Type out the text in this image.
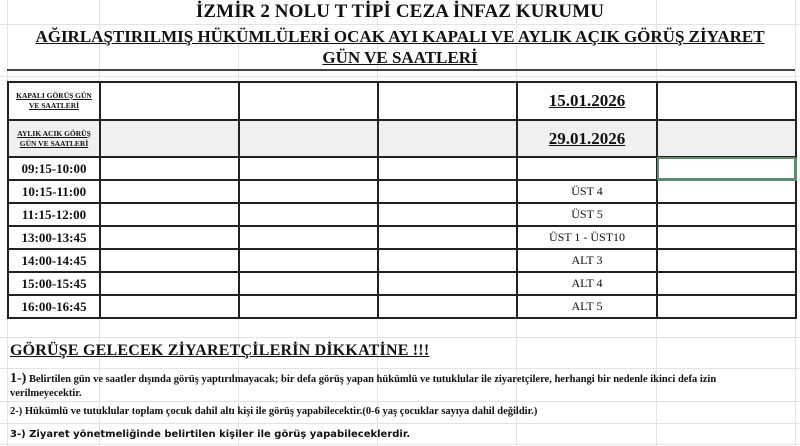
İZMİR 2 NOLU T TİPİ CEZA İNFAZ KURUMU
AĞIRLAŞTIRILMIŞ HÜKÜMLÜLERİ OCAK AYI KAPALI VE AYLIK AÇIK GÖRÜŞ ZİYARET GÜN VE SAATLERİ
KAPALI GÖRÜŞ GÜN VE SAATLERİ				15.01.2026	

AYLIK ACIK GÖRÜŞ GÜN VE SAATLERİ				29.01.2026	
09:15-10:00					
10:15-11:00				ÜST 4	
11:15-12:00				ÜST 5	
13:00-13:45				ÜST 1 - ÜST10	
14:00-14:45				ALT 3	
15:00-15:45				ALT 4	
16:00-16:45				ALT 5	
GÖRÜŞE GELECEK ZİYARETÇİLERİN DİKKATİNE !!!
1-) Belirtilen gün ve saatler dışında görüş yaptırılmayacak; bir defa görüş yapan hükümlü ve tutuklular ile ziyaretçilere, herhangi bir nedenle ikinci defa izin verilmeyecektir.
2-) Hükümlü ve tutuklular toplam çocuk dahil altı kişi ile görüş yapabilecektir.(0-6 yaş çocuklar sayıya dahil değildir.)
3-) Ziyaret yönetmeliğinde belirtilen kişiler ile görüş yapabileceklerdir.
